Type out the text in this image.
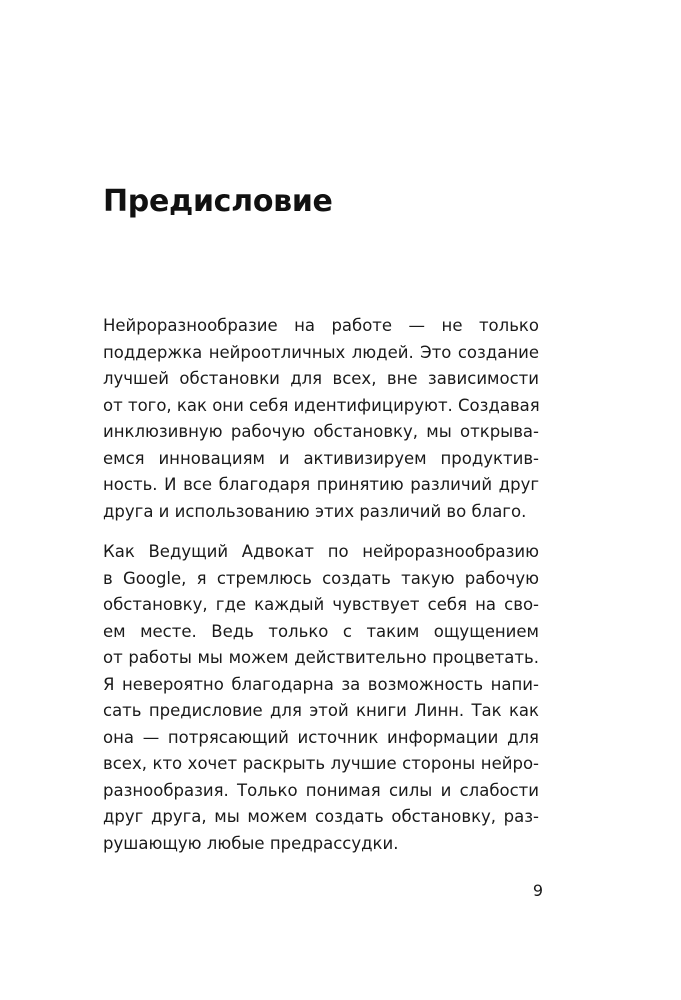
Предисловие
Нейроразнообразие на работе — не только
поддержка нейроотличных людей. Это создание
лучшей обстановки для всех, вне зависимости
от того, как они себя идентифицируют. Создавая
инклюзивную рабочую обстановку, мы открыва-
емся инновациям и активизируем продуктив-
ность. И все благодаря принятию различий друг
друга и использованию этих различий во благо.
Как Ведущий Адвокат по нейроразнообразию
в Google, я стремлюсь создать такую рабочую
обстановку, где каждый чувствует себя на сво-
ем месте. Ведь только с таким ощущением
от работы мы можем действительно процветать.
Я невероятно благодарна за возможность напи-
сать предисловие для этой книги Линн. Так как
она — потрясающий источник информации для
всех, кто хочет раскрыть лучшие стороны нейро-
разнообразия. Только понимая силы и слабости
друг друга, мы можем создать обстановку, раз-
рушающую любые предрассудки.
9
